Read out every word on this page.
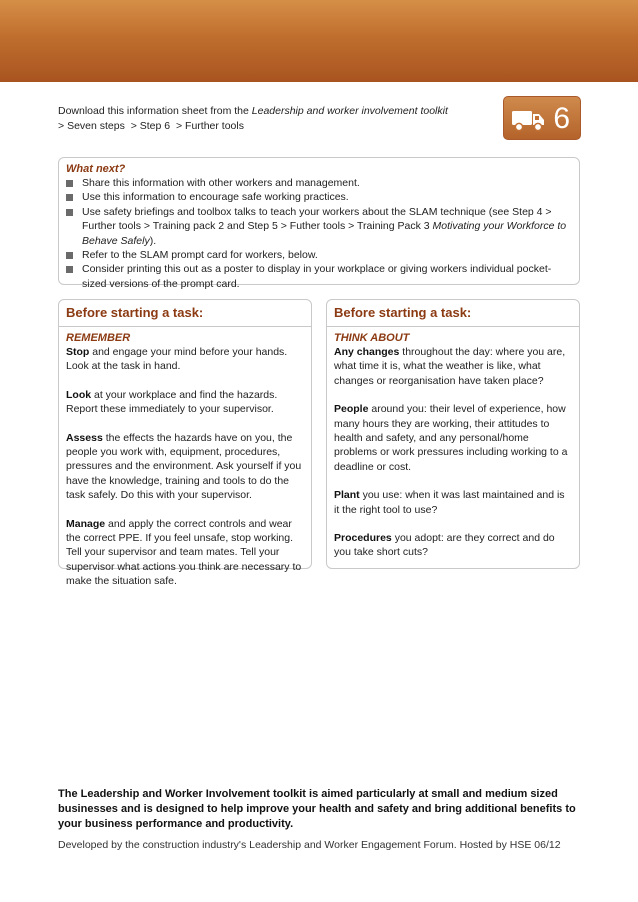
Download this information sheet from the Leadership and worker involvement toolkit
> Seven steps > Step 6 > Further tools	6
What next?
Share this information with other workers and management.
Use this information to encourage safe working practices.
Use safety briefings and toolbox talks to teach your workers about the SLAM technique (see Step 4 > Further tools > Training pack 2 and Step 5 > Futher tools > Training Pack 3 Motivating your Workforce to Behave Safely).
Refer to the SLAM prompt card for workers, below.
Consider printing this out as a poster to display in your workplace or giving workers individual pocket-sized versions of the prompt card.
Before starting a task:
REMEMBER

Stop and engage your mind before your hands. Look at the task in hand.

Look at your workplace and find the hazards. Report these immediately to your supervisor.

Assess the effects the hazards have on you, the people you work with, equipment, procedures, pressures and the environment. Ask yourself if you have the knowledge, training and tools to do the task safely. Do this with your supervisor.

Manage and apply the correct controls and wear the correct PPE. If you feel unsafe, stop working. Tell your supervisor and team mates. Tell your supervisor what actions you think are necessary to make the situation safe.

Before starting a task:
THINK ABOUT

Any changes throughout the day: where you are, what time it is, what the weather is like, what changes or reorganisation have taken place?

People around you: their level of experience, how many hours they are working, their attitudes to health and safety, and any personal/home problems or work pressures including working to a deadline or cost.

Plant you use: when it was last maintained and is it the right tool to use?

Procedures you adopt: are they correct and do you take short cuts?

The Leadership and Worker Involvement toolkit is aimed particularly at small and medium sized businesses and is designed to help improve your health and safety and bring additional benefits to your business performance and productivity.
Developed by the construction industry's Leadership and Worker Engagement Forum. Hosted by HSE 06/12
